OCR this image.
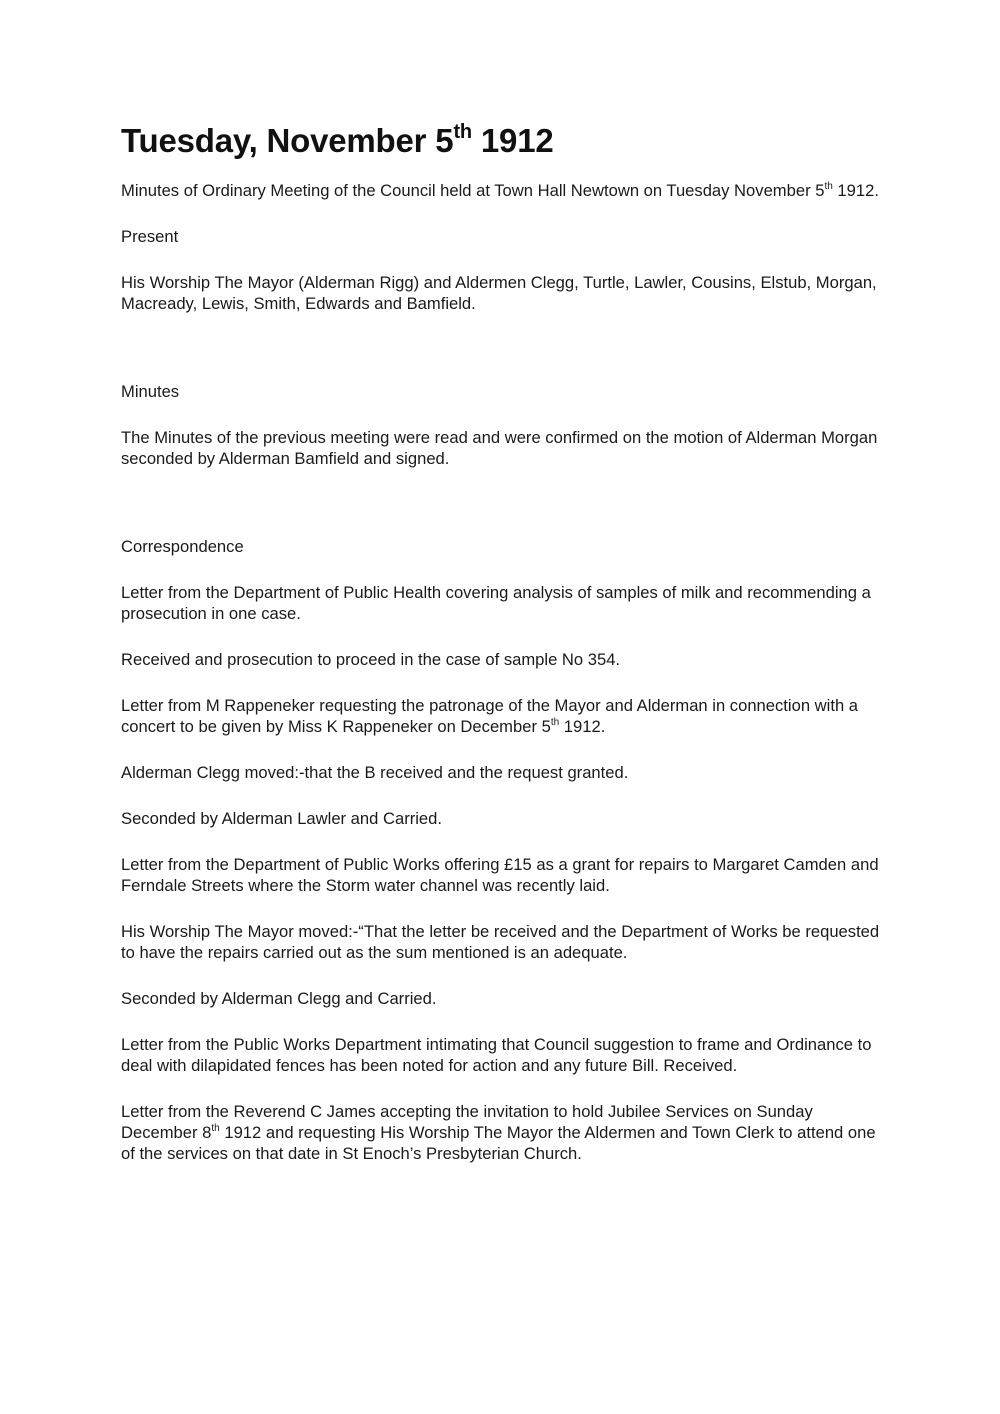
Tuesday, November 5th 1912

Minutes of Ordinary Meeting of the Council held at Town Hall Newtown on Tuesday November 5th 1912.

Present

His Worship The Mayor (Alderman Rigg) and Aldermen Clegg, Turtle, Lawler, Cousins, Elstub, Morgan, Macready, Lewis, Smith, Edwards and Bamfield.

Minutes

The Minutes of the previous meeting were read and were confirmed on the motion of Alderman Morgan seconded by Alderman Bamfield and signed.

Correspondence

Letter from the Department of Public Health covering analysis of samples of milk and recommending a prosecution in one case.

Received and prosecution to proceed in the case of sample No 354.

Letter from M Rappeneker requesting the patronage of the Mayor and Alderman in connection with a concert to be given by Miss K Rappeneker on December 5th 1912.

Alderman Clegg moved:-that the B received and the request granted.

Seconded by Alderman Lawler and Carried.

Letter from the Department of Public Works offering £15 as a grant for repairs to Margaret Camden and Ferndale Streets where the Storm water channel was recently laid.

His Worship The Mayor moved:-“That the letter be received and the Department of Works be requested to have the repairs carried out as the sum mentioned is an adequate.

Seconded by Alderman Clegg and Carried.

Letter from the Public Works Department intimating that Council suggestion to frame and Ordinance to deal with dilapidated fences has been noted for action and any future Bill. Received.

Letter from the Reverend C James accepting the invitation to hold Jubilee Services on Sunday December 8th 1912 and requesting His Worship The Mayor the Aldermen and Town Clerk to attend one of the services on that date in St Enoch’s Presbyterian Church.
